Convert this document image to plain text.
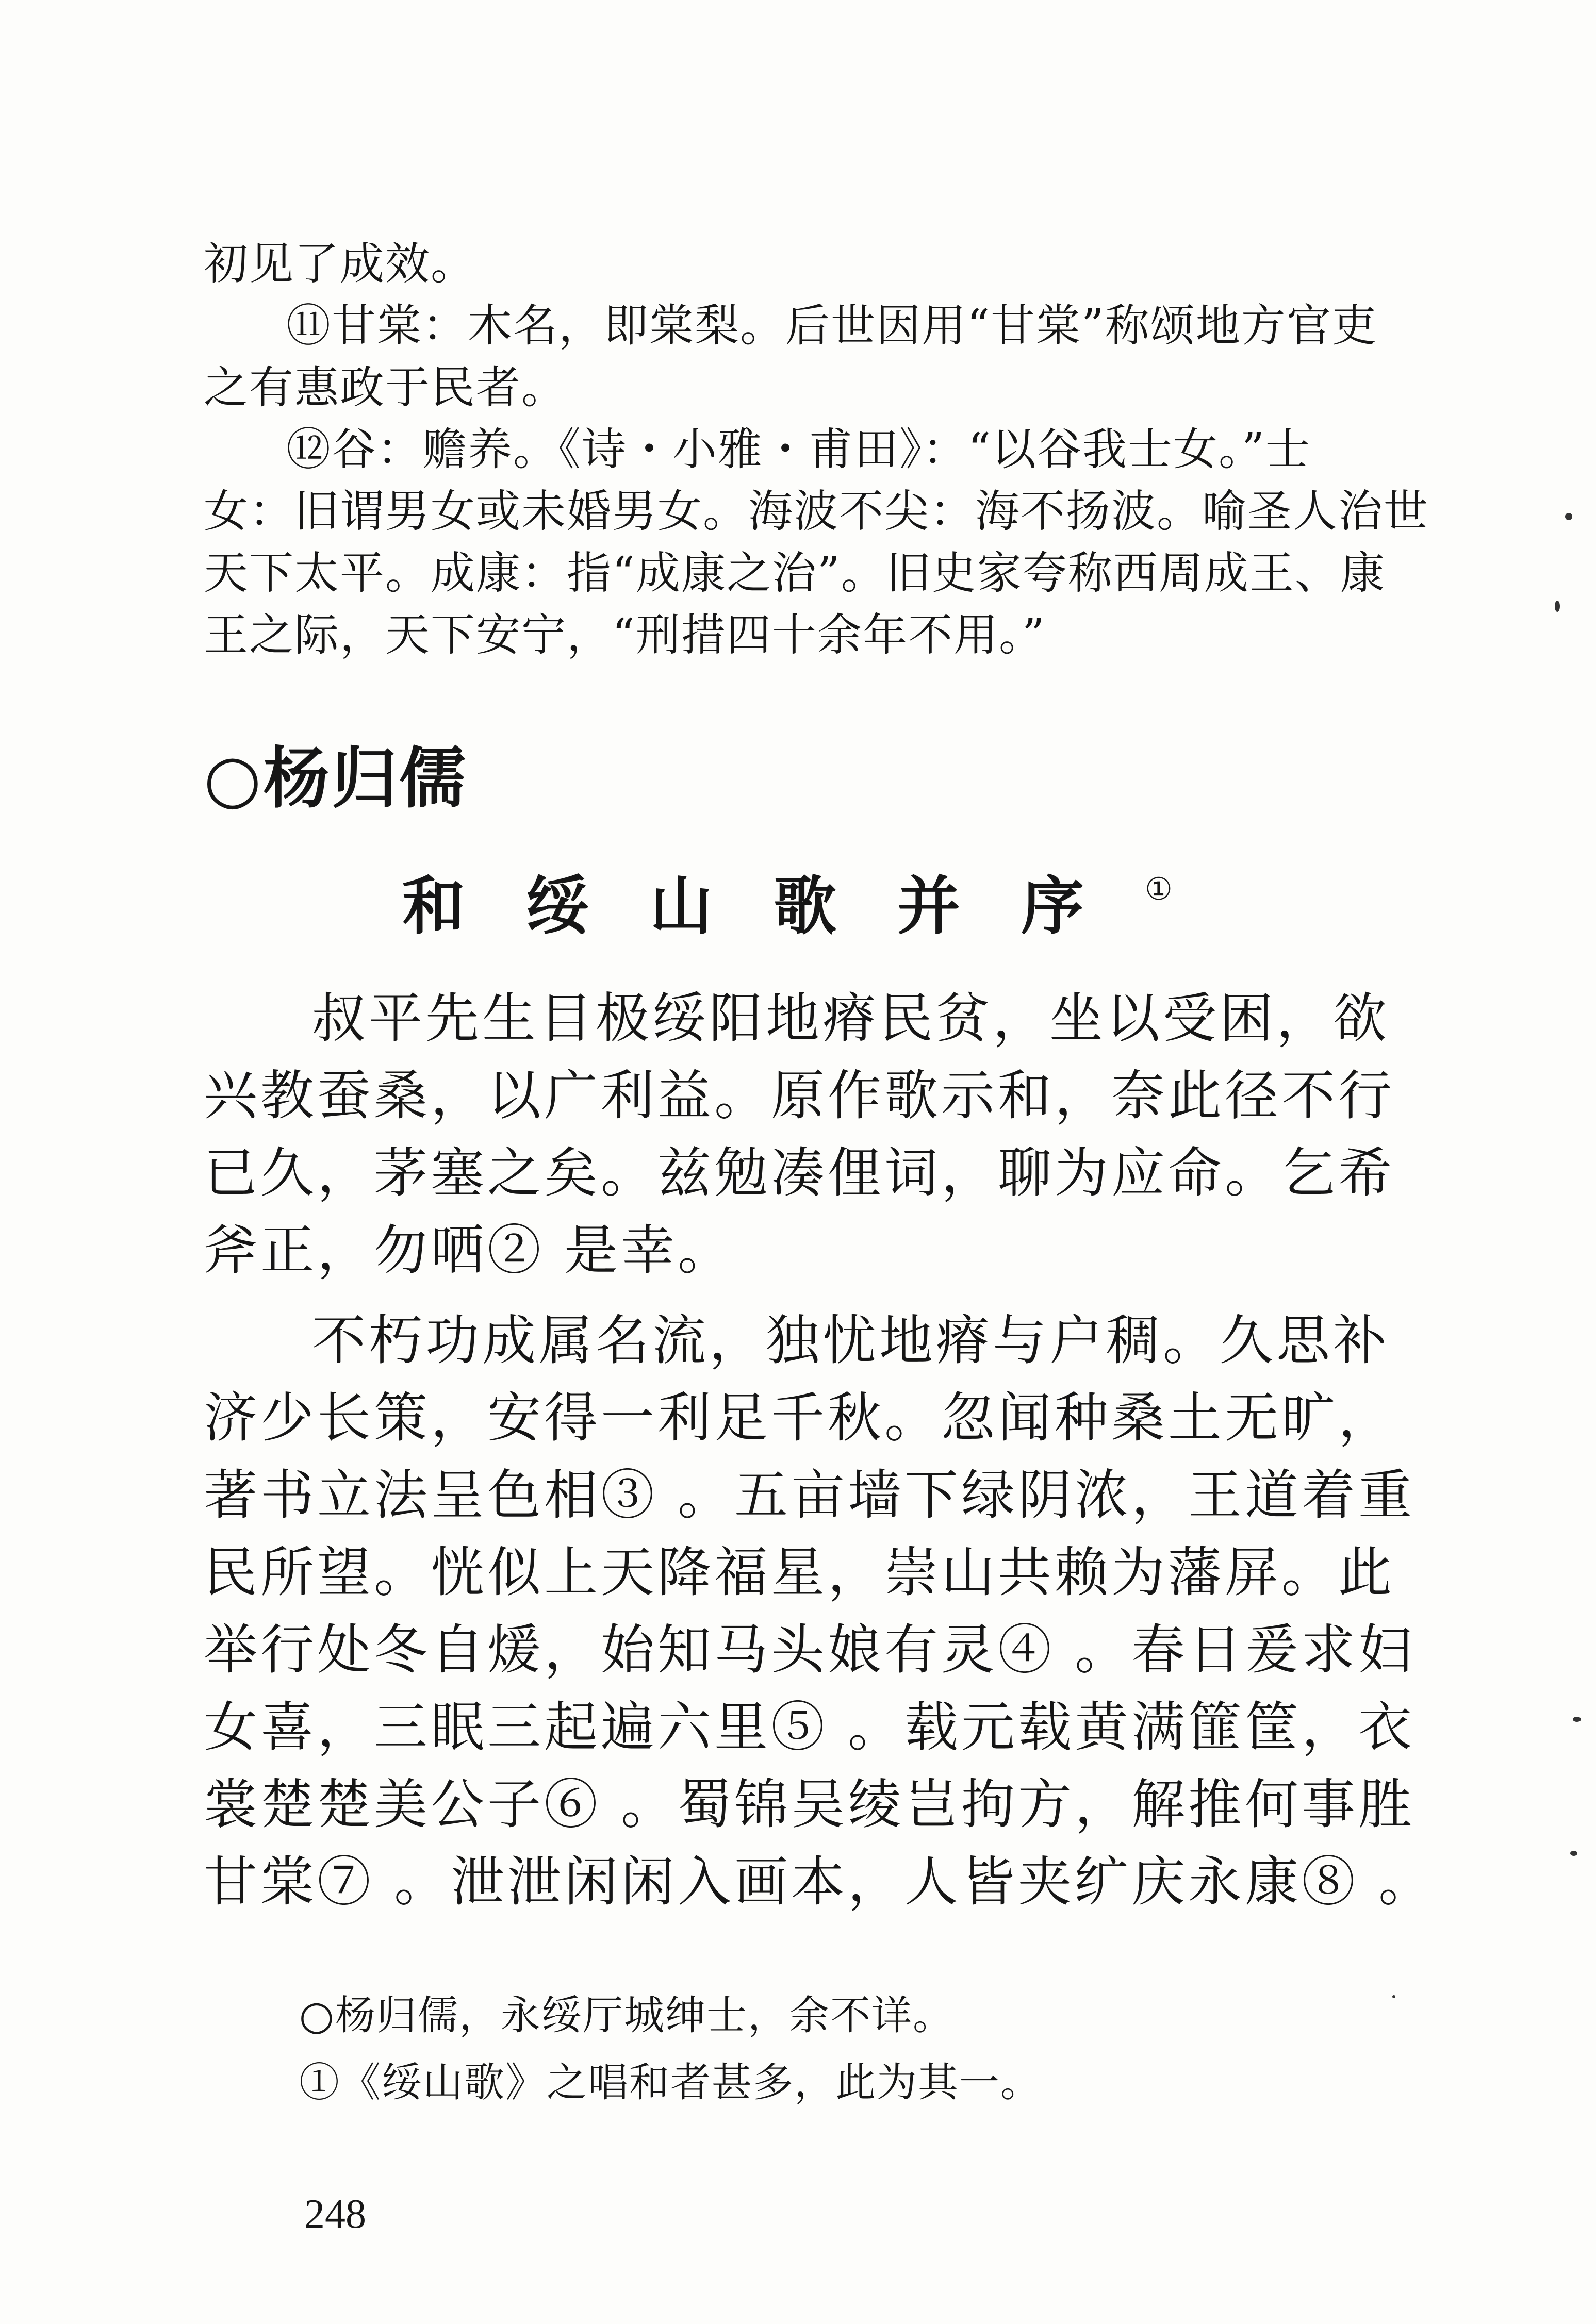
初见了成效。
⑪甘棠：木名，即棠梨。后世因用“甘棠”称颂地方官吏
之有惠政于民者。
⑫谷：赡养。《诗・小雅・甫田》：“以谷我士女。”士
女：旧谓男女或未婚男女。海波不尖：海不扬波。喻圣人治世
天下太平。成康：指“成康之治”。旧史家夸称西周成王、康
王之际，天下安宁，“刑措四十余年不用。”
○杨归儒
和绥山歌并序①
叔平先生目极绥阳地瘠民贫，坐以受困，欲
兴教蚕桑，以广利益。原作歌示和，奈此径不行
已久，茅塞之矣。兹勉凑俚词，聊为应命。乞希
斧正，勿哂② 是幸。
不朽功成属名流，独忧地瘠与户稠。久思补
济少长策，安得一利足千秋。忽闻种桑土无旷，
著书立法呈色相③ 。五亩墙下绿阴浓，王道着重
民所望。恍似上天降福星，崇山共赖为藩屏。此
举行处冬自煖，始知马头娘有灵④ 。春日爰求妇
女喜，三眠三起遍六里⑤ 。载元载黄满篚筐，衣
裳楚楚美公子⑥ 。蜀锦吴绫岂拘方，解推何事胜
甘棠⑦ 。泄泄闲闲入画本，人皆夹纩庆永康⑧ 。
○杨归儒，永绥厅城绅士，余不详。
①《绥山歌》之唱和者甚多，此为其一。
248
